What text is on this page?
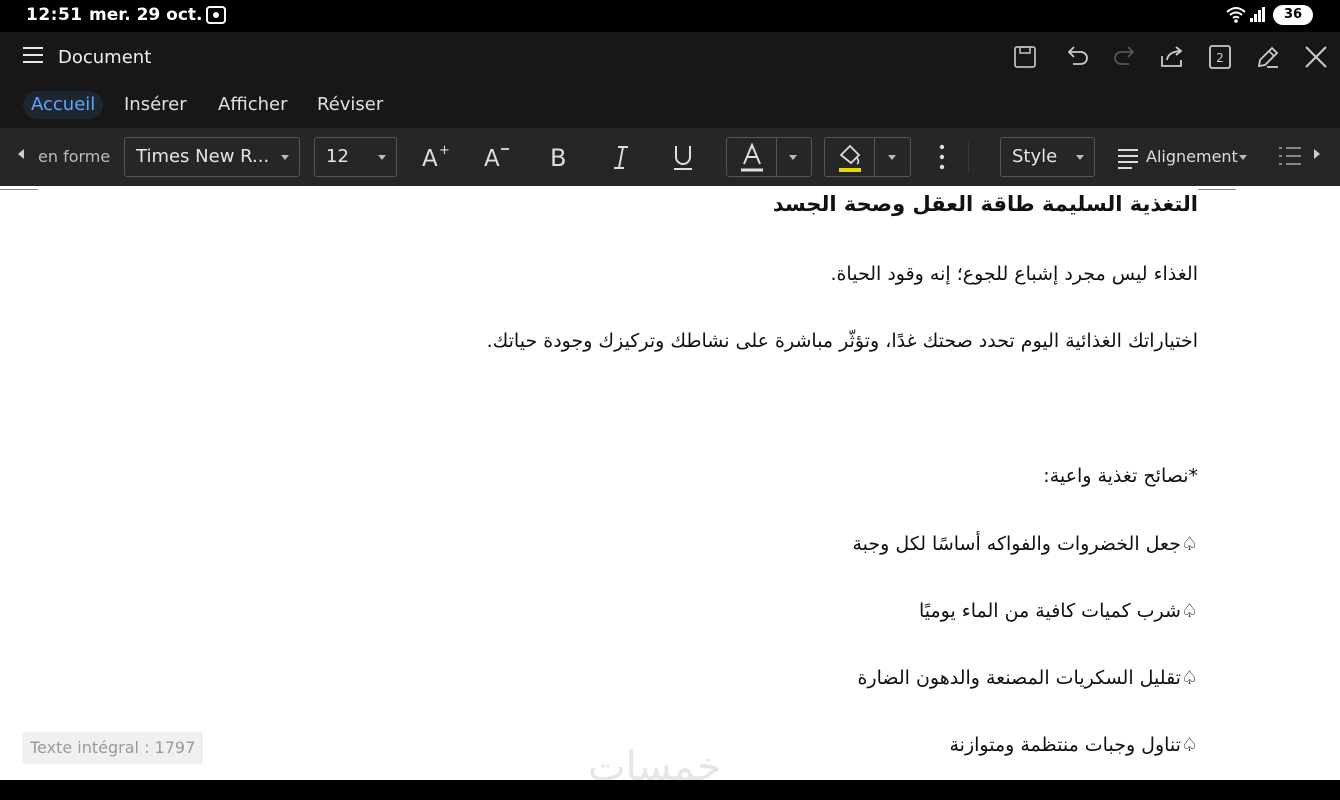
12:51 mer. 29 oct.	36
Document	2
Accueil	Insérer Afficher Réviser
en forme	Times New R...	12	A + A B	Style	Alignement

التغذية السليمة طاقة العقل وصحة الجسد

الغذاء ليس مجرد إشباع للجوع؛ إنه وقود الحياة.

اختياراتك الغذائية اليوم تحدد صحتك غدًا، وتؤثّر مباشرة على نشاطك وتركيزك وجودة حياتك.

*نصائح تغذية واعية:

♤جعل الخضروات والفواكه أساسًا لكل وجبة

♤شرب كميات كافية من الماء يوميًا

♤تقليل السكريات المصنعة والدهون الضارة

♤تناول وجبات منتظمة ومتوازنة

Texte intégral : 1797	خمسات
